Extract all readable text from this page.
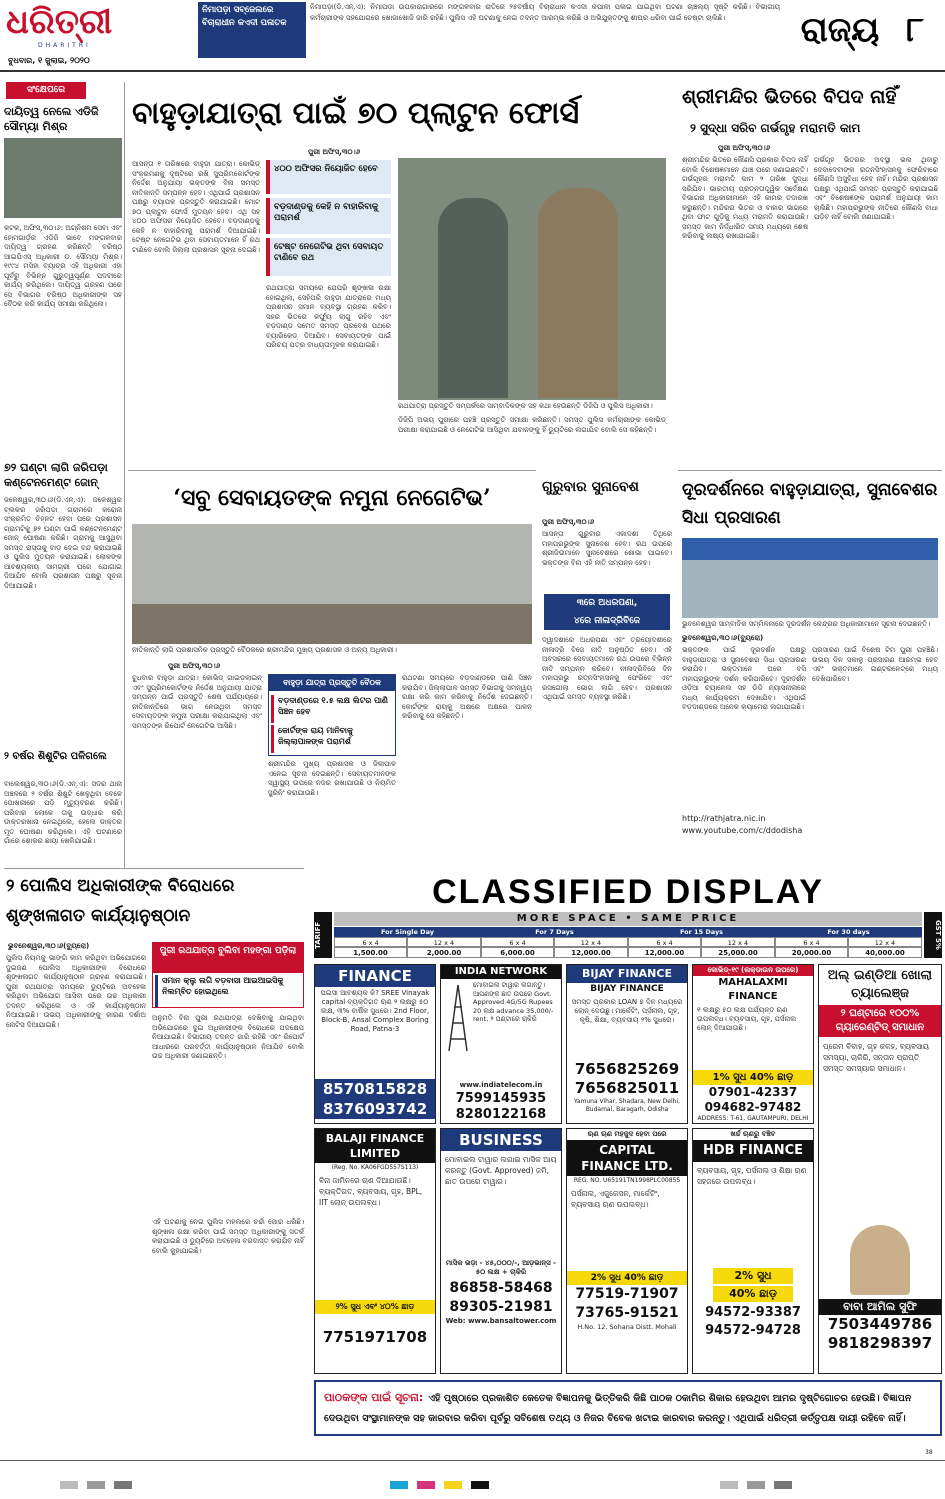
ଧରିତ୍ରୀ
DHARITRI
ବୁଧବାର, ୧ ଜୁଲାଇ, ୨୦୨୦
ନିମାପଡ଼ା ସବ୍‌ଜେଲରେ ବିଚାରାଧୀନ କଏଦୀ ପଳାତକ
ନିମାପଡ଼ା(ଡି.ଏନ୍‌.ଏ): ନିମାପଡ଼ା ଉପକାରାଗାରରେ ମଙ୍ଗଳବାର ରାତିରେ ୨୫ବର୍ଷୀୟ ବିଚାରାଧୀନ କଏଦୀ କପାଳୀ ପଳାଇ ଯାଇଥିବା ଘଟଣା ଚାଞ୍ଚଲ୍ୟ ସୃଷ୍ଟି କରିଛି। ବିଭାଗୀୟ କର୍ମଚାରୀଙ୍କ ସହଯୋଗରେ ଖୋଜାଖୋଜି ଜାରି ରହିଛି। ପୁଲିସ ଏହି ଘଟଣାକୁ ନେଇ ତଦନ୍ତ ଆରମ୍ଭ କରିଛି ଓ ଅଭିଯୁକ୍ତଙ୍କୁ ଶୀଘ୍ର ଧରିବା ପାଇଁ ଚେଷ୍ଟା ଚାଲିଛି।	ରାଜ୍ୟ ୮
ସଂକ୍ଷେପରେ
ଦାୟିତ୍ୱ ନେଲେ ଏଡିଜି ସୌମ୍ୟା ମିଶ୍ର
କଟକ, ଅଫିସ୍‌,୩୦।୬: ଅଗ୍ନିଶମ ସେବା ଏବଂ ହୋମଗାର୍ଡ଼ର ଏଡିଜି ଭାବେ ମଙ୍ଗଳବାର ଦାୟିତ୍ୱ ଗ୍ରହଣ କରିଛନ୍ତି ବରିଷ୍ଠ ଆଇପିଏସ୍ ଅଧିକାରୀ ଡ. ସୌମ୍ୟା ମିଶ୍ର। ୧୯୯୪ ମସିହା ବ୍ୟାଚ୍‌ର ଏହି ଅଧିକାରୀ ଏହା ପୂର୍ବରୁ ବିଭିନ୍ନ ଗୁରୁତ୍ୱପୂର୍ଣ୍ଣ ପଦବୀରେ କାର୍ଯ୍ୟ କରିଥିଲେ। ଦାୟିତ୍ୱ ଗ୍ରହଣ ପରେ ସେ ବିଭାଗର ବରିଷ୍ଠ ଅଧିକାରୀଙ୍କ ସହ ବୈଠକ କରି କାର୍ଯ୍ୟ ସମୀକ୍ଷା କରିଥିଲେ।
୭୨ ଘଣ୍ଟା ଲାଗି ଜରିପଡ଼ା କଣ୍ଟେନମେଣ୍ଟ ଜୋନ୍
ଜଳେଶ୍ୱର,୩୦।୬(ଡି.ଏନ୍‌.ଏ): ଜଳେଶ୍ୱର ବ୍ଲକର ଜରିପଡ଼ା ଗ୍ରାମରେ କରୋନା ସଂକ୍ରମିତ ଚିହ୍ନଟ ହେବା ପରେ ପ୍ରଶାସନ ଗ୍ରାମଟିକୁ ୭୨ ଘଣ୍ଟା ପାଇଁ କଣ୍ଟେନମେଣ୍ଟ ଜୋନ୍ ଘୋଷଣା କରିଛି। ଗ୍ରାମକୁ ଆସୁଥିବା ସମସ୍ତ ରାସ୍ତାକୁ ବାଡ଼ ଦେଇ ବନ୍ଦ କରାଯାଇଛି ଓ ପୁଲିସ ମୁତୟନ କରାଯାଇଛି। ଲୋକଙ୍କ ଆବଶ୍ୟକୀୟ ସାମଗ୍ରୀ ଘରେ ଯୋଗାଇ ଦିଆଯିବ ବୋଲି ପ୍ରଶାସନ ପକ୍ଷରୁ ସୂଚନା ଦିଆଯାଇଛି।
୨ ବର୍ଷର ଶିଶୁଟିର ପଳିଗଲେ
ବାଲେଶ୍ୱର,୩୦।୬(ଡି.ଏନ୍‌.ଏ): ସଦର ଥାନା ଅଞ୍ଚଳରେ ୨ ବର୍ଷର ଶିଶୁଟି ଖେଳୁଥିବା ବେଳେ ପୋଖରୀରେ ପଡ଼ି ମୃତ୍ୟୁବରଣ କରିଛି। ପରିବାର ଲୋକେ ତାକୁ ଉଦ୍ଧାର କରି ଡାକ୍ତରଖାନା ନେଇଥିଲେ, ହେଲେ ଡାକ୍ତର ମୃତ ଘୋଷଣା କରିଥିଲେ। ଏହି ଘଟଣାରେ ଗାଁରେ ଶୋକର ଛାୟା ଖେଳିଯାଇଛି।
ବାହୁଡ଼ାଯାତ୍ରା ପାଇଁ ୭୦ ପ୍ଲାଟୁନ ଫୋର୍ସ
ପୁରୀ ଅଫିସ୍‌,୩୦।୬
ଆସନ୍ତା ୧ ତାରିଖରେ ବାହୁଡ଼ା ଯାତ୍ରା। କୋଭିଡ୍ ସଂକ୍ରମଣକୁ ଦୃଷ୍ଟିରେ ରଖି ସୁପ୍ରିମକୋର୍ଟଙ୍କ ନିର୍ଦ୍ଦେଶ ଅନୁଯାୟୀ ଭକ୍ତଙ୍କ ବିନା ସମସ୍ତ ନୀତିକାନ୍ତି ସମ୍ପନ୍ନ ହେବ। ଏଥିପାଇଁ ପ୍ରଶାସନ ପକ୍ଷରୁ ବ୍ୟାପକ ପ୍ରସ୍ତୁତି କରାଯାଇଛି। ମୋଟ ୭୦ ପ୍ଲାଟୁନ ଫୋର୍ସ ମୁତୟନ ହେବ। ଏଥି ସହ ୪୦୦ ଅଫିସର ନିୟୋଜିତ ହେବେ। ବଡ଼ଦାଣ୍ଡକୁ କେହି ନ ବାହାରିବାକୁ ପରାମର୍ଶ ଦିଆଯାଇଛି। ଟେଷ୍ଟ ନେଗେଟିଭ ଥିବା ସେବାୟତମାନେ ହିଁ ରଥ ଟାଣିବେ ବୋଲି ଜିଲ୍ଲା ପ୍ରଶାସନ ସୂଚନା ଦେଇଛି।
୪୦୦ ଅଫିସର ନିୟୋଜିତ ହେବେ
ବଡ଼ଦାଣ୍ଡକୁ କେହି ନ ବାହାରିବାକୁ ପରାମର୍ଶ
ଟେଷ୍ଟ ନେଗେଟିଭ ଥିବା ସେବାୟତ ଟାଣିବେ ରଥ
ରଥଯାତ୍ରା ସମୟରେ ଯେପରି ଶୃଙ୍ଖଳା ରକ୍ଷା ହୋଇଥିଲା, ସେହିପରି ବାହୁଡ଼ା ଯାତ୍ରାରେ ମଧ୍ୟ ପ୍ରଶାସନ ସମାନ ବ୍ୟବସ୍ଥା ଗ୍ରହଣ କରିବ। ସହର ଭିତରେ କର୍ଫ୍ୟୁ ଲାଗୁ ରହିବ ଏବଂ ବଡ଼ଦାଣ୍ଡ ସମେତ ସମସ୍ତ ପ୍ରବେଶ ପଥରେ ବ୍ୟାରିକେଡ୍ ଦିଆଯିବ। ସେବାୟତଙ୍କ ପାଇଁ ପରିଚୟ ପତ୍ର ବାଧ୍ୟତାମୂଳକ କରାଯାଇଛି।
ରଥଯାତ୍ରା ପ୍ରସ୍ତୁତି ସମ୍ପର୍କରେ ସାମ୍ବାଦିକଙ୍କ ସହ କଥା ହେଉଛନ୍ତି ଡିଜିପି ଓ ପୁଲିସ ଅଧିକାରୀ।
ଡିଜିପି ଅଭୟ ପୁରୀରେ ପହଞ୍ଚି ପ୍ରସ୍ତୁତି ସମୀକ୍ଷା କରିଛନ୍ତି। ସମସ୍ତ ପୁଲିସ କର୍ମଚାରୀଙ୍କ କୋଭିଡ୍ ପରୀକ୍ଷା କରାଯାଇଛି ଓ ନେଗେଟିଭ ଆସିଥିବା ଯବାନଙ୍କୁ ହିଁ ଡ୍ୟୁଟିରେ ଲଗାଯିବ ବୋଲି ସେ କହିଛନ୍ତି।
ଶ୍ରୀମନ୍ଦିର ଭିତରେ ବିପଦ ନାହିଁ
୨ ସୁଦ୍ଧା ସରିବ ଗର୍ଭଗୃହ ମରାମତି କାମ
ପୁରୀ ଅଫିସ୍‌,୩୦।୬
ଶ୍ରୀମନ୍ଦିର ଭିତରେ କୌଣସି ପ୍ରକାର ବିପଦ ନାହିଁ ବୋଲି ବିଶେଷଜ୍ଞମାନେ ଯାଞ୍ଚ ପରେ ଜଣାଇଛନ୍ତି। ଗର୍ଭଗୃହର ମରାମତି କାମ ୨ ତାରିଖ ସୁଦ୍ଧା ସରିଯିବ। ଭାରତୀୟ ପ୍ରତ୍ନତାତ୍ତ୍ୱିକ ସର୍ବେକ୍ଷଣ ବିଭାଗର ଅଧିକାରୀମାନେ ଏହି କାମର ତଦାରଖ କରୁଛନ୍ତି। ମନ୍ଦିରର ଭିତର ଓ ବାହାର ଭାଗରେ ଥିବା ଫାଟ ଗୁଡ଼ିକୁ ମଧ୍ୟ ମରାମତି କରାଯାଉଛି। ସମସ୍ତ କାମ ନିର୍ଦ୍ଧାରିତ ସମୟ ମଧ୍ୟରେ ଶେଷ କରିବାକୁ ଲକ୍ଷ୍ୟ ରଖାଯାଇଛି।
ଗର୍ଭଗୃହ ଭିତରର ଅବସ୍ଥା ଭଲ ଥିବାରୁ ଦେବାଦେବୀଙ୍କ ରତ୍ନସିଂହାସନକୁ ଫେରିବାରେ କୌଣସି ଅସୁବିଧା ହେବ ନାହିଁ। ମନ୍ଦିର ପ୍ରଶାସନ ପକ୍ଷରୁ ଏଥିପାଇଁ ସମସ୍ତ ପ୍ରସ୍ତୁତି କରାଯାଇଛି ଏବଂ ବିଶେଷଜ୍ଞଙ୍କ ପରାମର୍ଶ ଅନୁଯାୟୀ କାମ ଚାଲିଛି। ମହାପ୍ରଭୁଙ୍କ ନୀତିରେ କୌଣସି ବାଧା ପଡ଼ିବ ନାହିଁ ବୋଲି ଜଣାଯାଇଛି।
‘ସବୁ ସେବାୟତଙ୍କ ନମୁନା ନେଗେଟିଭ’
ନୀତିକାନ୍ତି ଲାଗି ପ୍ରଶାସନିକ ପ୍ରସ୍ତୁତି ବୈଠକରେ ଶ୍ରୀମନ୍ଦିର ମୁଖ୍ୟ ପ୍ରଶାସକ ଓ ଅନ୍ୟ ଅଧିକାରୀ।
ପୁରୀ ଅଫିସ୍‌,୩୦।୬
ବୁଧବାର ବାହୁଡ଼ା ଯାତ୍ରା। କୋଭିଡ୍ ଗାଇଡ଼ଲାଇନ୍ ଏବଂ ସୁପ୍ରିମକୋର୍ଟଙ୍କ ନିର୍ଦ୍ଦେଶ ଅନୁଯାୟୀ ଯାତ୍ରା ସମ୍ପନ୍ନ ପାଇଁ ପ୍ରସ୍ତୁତି ଶେଷ ପର୍ଯ୍ୟାୟରେ। ନୀତିକାନ୍ତିରେ ଭାଗ ନେଉଥିବା ସମସ୍ତ ସେବାୟତଙ୍କ ନମୁନା ପରୀକ୍ଷା କରାଯାଇଥିଲା ଏବଂ ସମସ୍ତଙ୍କ ରିପୋର୍ଟ ନେଗେଟିଭ ଆସିଛି।
ବାହୁଡ଼ା ଯାତ୍ରା ପ୍ରସ୍ତୁତି ବୈଠକ
ବଡ଼ଦାଣ୍ଡରେ ୧.୫ ଲକ୍ଷ ଲିଟର ପାଣି ସିଞ୍ଚନ ହେବ
କୋର୍ଟଙ୍କ ରାୟ ମାନିବାକୁ ଜିଲ୍ଲାପାଳଙ୍କ ପରାମର୍ଶ
ଶ୍ରୀମନ୍ଦିର ମୁଖ୍ୟ ପ୍ରଶାସକ ଓ ଜିଲାପାଳ ଏନେଇ ସୂଚନା ଦେଇଛନ୍ତି। ସେବାୟତମାନଙ୍କ ସ୍ୱାସ୍ଥ୍ୟ ଉପରେ ନଜର ରଖାଯାଉଛି ଓ ନିୟମିତ ସ୍କ୍ରିନିଂ କରାଯାଉଛି।
ରଥଟଣା ସମୟରେ ବଡ଼ଦାଣ୍ଡରେ ପାଣି ସିଞ୍ଚନ କରାଯିବ। ଜିଲ୍ଲାପାଳ ସମସ୍ତ ବିଭାଗକୁ ସମନ୍ୱୟ ରକ୍ଷା କରି କାମ କରିବାକୁ ନିର୍ଦ୍ଦେଶ ଦେଇଛନ୍ତି। କୋର୍ଟଙ୍କ ରାୟକୁ ଅକ୍ଷରେ ଅକ୍ଷରେ ପାଳନ କରିବାକୁ ସେ କହିଛନ୍ତି।
ଗୁରୁବାର ସୁନାବେଶ
ପୁରୀ ଅଫିସ୍‌,୩୦।୬
ଆସନ୍ତା ଗୁରୁବାର ଏକାଦଶୀ ତିଥିରେ ମହାପ୍ରଭୁଙ୍କ ସୁନାବେଶ ହେବ। ରଥ ଉପରେ ଶ୍ରୀଜିଉମାନେ ସୁନାବେଶରେ ଶୋଭା ପାଇବେ। ଭକ୍ତଙ୍କ ବିନା ଏହି ନୀତି ସମ୍ପନ୍ନ ହେବ।
୩ରେ ଅଧରପଣା,
୪ରେ ନୀଳାଦ୍ରିବିଜେ
ଦ୍ୱାଦଶୀରେ ଅଧରପଣା ଏବଂ ତ୍ରୟୋଦଶୀରେ ନୀଳାଦ୍ରି ବିଜେ ନୀତି ଅନୁଷ୍ଠିତ ହେବ। ଏହି ଅବସରରେ ସେବାୟତମାନେ ରଥ ଉପରେ ବିଭିନ୍ନ ନୀତି ସମ୍ପନ୍ନ କରିବେ। ନୀଳାଦ୍ରିବିଜେ ଦିନ ମହାପ୍ରଭୁ ରତ୍ନସିଂହାସନକୁ ଫେରିବେ ଏବଂ ରସଗୋଲା ଭୋଗ ଲାଗି ହେବ। ପ୍ରଶାସନ ଏଥିପାଇଁ ସମସ୍ତ ବ୍ୟବସ୍ଥା କରିଛି।
ଦୂରଦର୍ଶନରେ ବାହୁଡ଼ାଯାତ୍ରା, ସୁନାବେଶର ସିଧା ପ୍ରସାରଣ
ଭୁବନେଶ୍ୱର ସାମ୍ବାଦିକ ସମ୍ମିଳନୀରେ ଦୂରଦର୍ଶନ କେନ୍ଦ୍ରର ଅଧିକାରୀମାନେ ସୂଚନା ଦେଉଛନ୍ତି।
ଭୁବନେଶ୍ୱର,୩୦।୬(ବ୍ୟୁରୋ)
ଭକ୍ତଙ୍କ ପାଇଁ ଦୂରଦର୍ଶନ ପକ୍ଷରୁ ବାହୁଡ଼ାଯାତ୍ରା ଓ ସୁନାବେଶର ସିଧା ପ୍ରସାରଣ କରାଯିବ। ଭକ୍ତମାନେ ଘରେ ବସି ମହାପ୍ରଭୁଙ୍କ ଦର୍ଶନ କରିପାରିବେ। ଦୂରଦର୍ଶନ ଓଡ଼ିଆ ଚ୍ୟାନେଲ ସହ ଡିଡି ନ୍ୟାସନାଲରେ ମଧ୍ୟ କାର୍ଯ୍ୟକ୍ରମ ଦେଖାଯିବ। ଏଥିପାଇଁ ବଡ଼ଦାଣ୍ଡରେ ଅନେକ କ୍ୟାମେରା ଲଗାଯାଇଛି।
ପ୍ରସାରଣ ପାଇଁ ବିଶେଷ ଟିମ ପୁରୀ ପହଞ୍ଚିଛି। ଉଭୟ ଦିନ ସକାଳୁ ପ୍ରସାରଣ ଆରମ୍ଭ ହେବ ଏବଂ ଭକ୍ତମାନେ ଇଣ୍ଟରନେଟ୍‌ରେ ମଧ୍ୟ ଦେଖିପାରିବେ।
http://rathjatra.nic.in
www.youtube.com/c/ddodisha
୨ ପୋଲିସ ଅଧିକାରୀଙ୍କ ବିରୋଧରେ
ଶୃଙ୍ଖଳାଗତ କାର୍ଯ୍ୟାନୁଷ୍ଠାନ
ଭୁବନେଶ୍ୱର,୩୦।୬(ବ୍ୟୁରୋ)
ପୁଲିସ ନିୟମକୁ ଭାଙ୍ଗି କାମ କରିଥିବା ଅଭିଯୋଗରେ ଦୁଇଜଣ ପୋଲିସ ଅଧିକାରୀଙ୍କ ବିରୋଧରେ ଶୃଙ୍ଖଳାଗତ କାର୍ଯ୍ୟାନୁଷ୍ଠାନ ଗ୍ରହଣ କରାଯାଇଛି। ପୁରୀ ରଥଯାତ୍ରା ସମୟରେ ଡ୍ୟୁଟିରେ ଅବହେଳା କରିଥିବା ଅଭିଯୋଗ ଆସିବା ପରେ ଉଚ୍ଚ ଅଧିକାରୀ ତଦନ୍ତ କରିଥିଲେ ଓ ଏହି କାର୍ଯ୍ୟାନୁଷ୍ଠାନ ନିଆଯାଇଛି। ଉଭୟ ଅଧିକାରୀଙ୍କୁ କାରଣ ଦର୍ଶାଅ ନୋଟିସ ଦିଆଯାଇଛି।
ପୁରୀ ରଥଯାତ୍ରା ବୁଲିବା ମହଙ୍ଗା ପଡ଼ିଲା
ସମାନ କ୍ଲୁ ଲଗି ବଡ଼ବାସା ଆଇଆଇସିକୁ ନିଲମ୍ବିତ ହୋଇଥିଲେ
ଅନୁମତି ବିନା ପୁରୀ ରଥଯାତ୍ରା ଦେଖିବାକୁ ଯାଇଥିବା ଅଭିଯୋଗରେ ଦୁଇ ଅଧିକାରୀଙ୍କ ବିରୋଧରେ ପଦକ୍ଷେପ ନିଆଯାଇଛି। ବିଭାଗୀୟ ତଦନ୍ତ ଜାରି ରହିଛି ଏବଂ ରିପୋର୍ଟ ଆଧାରରେ ପରବର୍ତ୍ତୀ କାର୍ଯ୍ୟାନୁଷ୍ଠାନ ନିଆଯିବ ବୋଲି ଉଚ୍ଚ ଅଧିକାରୀ ଜଣାଇଛନ୍ତି।
ଏହି ଘଟଣାକୁ ନେଇ ପୁଲିସ ମହଲରେ ଚର୍ଚ୍ଚା ଜୋର ଧରିଛି। ଶୃଙ୍ଖଳା ରକ୍ଷା କରିବା ପାଇଁ ସମସ୍ତ ଅଧିକାରୀଙ୍କୁ ସତର୍କ କରାଯାଇଛି ଓ ଡ୍ୟୁଟିରେ ଅବହେଳା ବରଦାସ୍ତ କରାଯିବ ନାହିଁ ବୋଲି କୁହାଯାଇଛି।
CLASSIFIED DISPLAY
TARIFF	GST 5%
MORE SPACE • SAME PRICE
For Single Day	For 7 Days	For 15 Days	For 30 days
6 x 4	12 x 4	6 x 4	12 x 4	6 x 4	12 x 4	6 x 4	12 x 4
1,500.00	2,000.00	6,000.00	12,000.00	12,000.00	25,000.00	20,000.00	40,000.00
FINANCE
ପଇସା ଆବଶ୍ୟକ କି? SREE Vinayak capital ବ୍ୟକ୍ତିଗତ ଋଣ ୨ ଲକ୍ଷରୁ ୫୦ ଲକ୍ଷ, ୩% ବାର୍ଷିକ ସୁଧରେ। 2nd Floor, Block-B, Ansal Complex Boring Road, Patna-3
8570815828
8376093742
INDIA NETWORK
ମୋବାଇଲ ଟାୱାର ଲଗାନ୍ତୁ। ଆପଣଙ୍କ ଛାତ ଉପରେ Govt. Approved 4G/5G Rupees 20 ଲକ୍ଷ advance 35,000/- rent, ୨ ଘଣ୍ଟାରେ ଚାକିରି
www.indiatelecom.in
7599145935
8280122168
BIJAY FINANCE
BIJAY FINANCE
ସମସ୍ତ ପ୍ରକାର LOAN ୭ ଦିନ ମଧ୍ୟରେ ଲୋନ୍ ଦେଉଛୁ। ମାର୍କେଟିଂ, ପର୍ସନାଲ, ଗୃହ, କୃଷି, ଶିକ୍ଷା, ବ୍ୟବସାୟ ୨% ସୁଧରେ।
7656825269
7656825011
Yamuna Vihar, Shadara, New Delhi, Budamal, Baragarh, Odisha
କୋଭିଡ୍-୧୯ (ଲକ୍‌ଡାଉନ ଉପରେ)
MAHALAXMI FINANCE
୧ ଲକ୍ଷରୁ ୫୦ ଲକ୍ଷ ପର୍ଯ୍ୟନ୍ତ ଋଣ ଉପଲବ୍ଧ। ବ୍ୟବସାୟ, ଗୃହ, ପର୍ସନାଲ ଲୋନ୍ ଦିଆଯାଉଛି।
1% ସୁଧ 40% ଛାଡ଼
07901-42337
094682-97482
ADDRESS: T-61, GAUTAMPURI, DELHI
ଅଲ୍ ଇଣ୍ଡିଆ ଖୋଲା ଚ୍ୟାଲେଞ୍ଜ
୨ ଘଣ୍ଟାରେ ୧୦୦% ଗ୍ୟାରେଣ୍ଟିଡ୍ ସମାଧାନ
ପ୍ରେମ ବିବାହ, ଗୃହ କଳହ, ବ୍ୟବସାୟ ସମସ୍ୟା, ଚାକିରି, ସନ୍ତାନ ପ୍ରାପ୍ତି ସମସ୍ତ ସମସ୍ୟାର ସମାଧାନ।
ବାବା ଆମିଲ ସୁଫି
7503449786
9818298397
BALAJI FINANCE LIMITED
(Reg. No. KA06FGD557S113)
ବିନା ଜାମିନରେ ଋଣ ଦିଆଯାଉଛି। ବ୍ୟକ୍ତିଗତ, ବ୍ୟବସାୟ, ଗୃହ, BPL, IIT ଲୋନ୍ ଉପଲବ୍ଧ।
୨% ସୁଧ ଏବଂ ୪୦% ଛାଡ଼
7751971708
BUSINESS
ମୋବାଇଲ ଟାୱାର ଲଗାଇ ମାସିକ ଆୟ କରନ୍ତୁ (Govt. Approved) ଜମି, ଛାତ ଉପରେ ଟାୱାର।
ମାସିକ ଭଡ଼ା - ୪୫,୦୦୦/-, ଆଡ଼ଭାନ୍ସ - ୫୦ ଲକ୍ଷ + ଚାକିରି
86858-58468
89305-21981
Web: www.bansaltower.com
ଋଣ ଋଣ ମହଜୁଦ ହେବା ପରେ
CAPITAL FINANCE LTD.
REG. NO. U65191TN1998PLC00855
ପର୍ସନାଲ, ଏଜୁକେସନ, ମାର୍କେଟିଂ, ବ୍ୟବସାୟ ଋଣ ଉପଲବ୍ଧ।
2% ସୁଧ 40% ଛାଡ଼
77519-71907
73765-91521
H.No. 12, Sohana Distt. Mohali
ଖର୍ଚ୍ଚ ଋଣରୁ ବଞ୍ଚିବ
HDB FINANCE
ବ୍ୟବସାୟ, ଗୃହ, ପର୍ସନାଲ ଓ ଶିକ୍ଷା ଋଣ ସହଜରେ ଉପଲବ୍ଧ।
2% ସୁଧ
40% ଛାଡ଼
94572-93387
94572-94728
ପାଠକଙ୍କ ପାଇଁ ସୂଚନା: ଏହି ପୃଷ୍ଠାରେ ପ୍ରକାଶିତ କେତେକ ବିଜ୍ଞାପନକୁ ଭିତ୍ତିକରି କିଛି ପାଠକ ଠକାମିର ଶିକାର ହେଉଥିବା ଆମର ଦୃଷ୍ଟିଗୋଚର ହେଉଛି। ବିଜ୍ଞାପନ ଦେଉଥିବା ସଂସ୍ଥାମାନଙ୍କ ସହ କାରବାର କରିବା ପୂର୍ବରୁ ସବିଶେଷ ତଥ୍ୟ ଓ ନିଜର ବିବେକ ଖଟାଇ କାରବାର କରନ୍ତୁ। ଏଥିପାଇଁ ଧରିତ୍ରୀ କର୍ତ୍ତୃପକ୍ଷ ଦାୟୀ ରହିବେ ନାହିଁ।

38
